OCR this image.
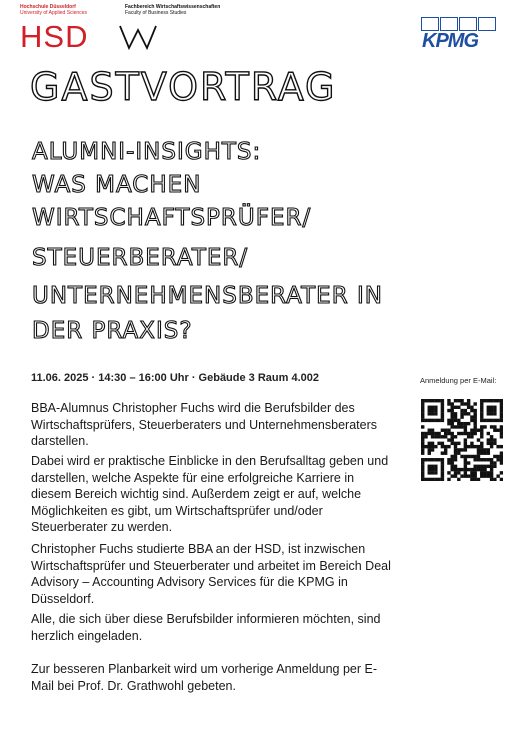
Hochschule Düsseldorf
University of Applied Sciences
HSD
Fachbereich Wirtschaftswissenschaften
Faculty of Business Studies
KPMG
GASTVORTRAG
ALUMNI-INSIGHTS:
WAS MACHEN
WIRTSCHAFTSPRÜFER/
STEUERBERATER/
UNTERNEHMENSBERATER IN
DER PRAXIS?
11.06. 2025 · 14:30 – 16:00 Uhr · Gebäude 3 Raum 4.002	Anmeldung per E-Mail:
BBA-Alumnus Christopher Fuchs wird die Berufsbilder des Wirtschaftsprüfers, Steuerberaters und Unternehmensberaters darstellen.
Dabei wird er praktische Einblicke in den Berufsalltag geben und darstellen, welche Aspekte für eine erfolgreiche Karriere in diesem Bereich wichtig sind. Außerdem zeigt er auf, welche Möglichkeiten es gibt, um Wirtschaftsprüfer und/oder Steuerberater zu werden.
Christopher Fuchs studierte BBA an der HSD, ist inzwischen Wirtschaftsprüfer und Steuerberater und arbeitet im Bereich Deal Advisory – Accounting Advisory Services für die KPMG in Düsseldorf.
Alle, die sich über diese Berufsbilder informieren möchten, sind herzlich eingeladen.
Zur besseren Planbarkeit wird um vorherige Anmeldung per E-Mail bei Prof. Dr. Grathwohl gebeten.
